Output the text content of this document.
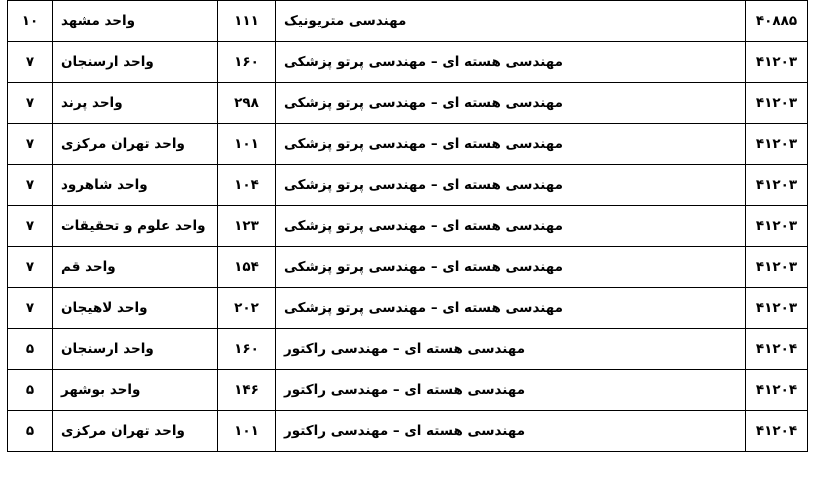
۴۰۸۸۵	مهندسی متریونیک	۱۱۱	واحد مشهد	۱۰
۴۱۲۰۳	مهندسی هسته ای – مهندسی پرتو پزشکی	۱۶۰	واحد ارسنجان	۷
۴۱۲۰۳	مهندسی هسته ای – مهندسی پرتو پزشکی	۲۹۸	واحد پرند	۷
۴۱۲۰۳	مهندسی هسته ای – مهندسی پرتو پزشکی	۱۰۱	واحد تهران مرکزی	۷
۴۱۲۰۳	مهندسی هسته ای – مهندسی پرتو پزشکی	۱۰۴	واحد شاهرود	۷
۴۱۲۰۳	مهندسی هسته ای – مهندسی پرتو پزشکی	۱۲۳	واحد علوم و تحقیقات	۷
۴۱۲۰۳	مهندسی هسته ای – مهندسی پرتو پزشکی	۱۵۴	واحد قم	۷
۴۱۲۰۳	مهندسی هسته ای – مهندسی پرتو پزشکی	۲۰۲	واحد لاهیجان	۷
۴۱۲۰۴	مهندسی هسته ای – مهندسی راکتور	۱۶۰	واحد ارسنجان	۵
۴۱۲۰۴	مهندسی هسته ای – مهندسی راکتور	۱۴۶	واحد بوشهر	۵
۴۱۲۰۴	مهندسی هسته ای – مهندسی راکتور	۱۰۱	واحد تهران مرکزی	۵
